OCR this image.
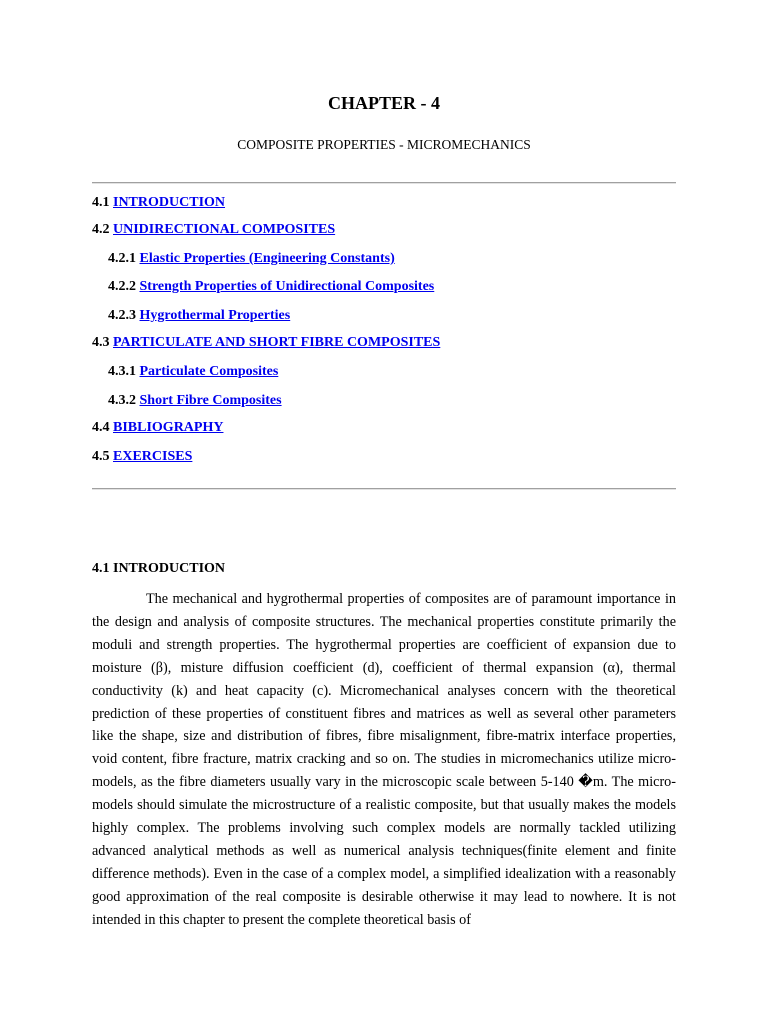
CHAPTER - 4
COMPOSITE PROPERTIES - MICROMECHANICS
4.1 INTRODUCTION
4.2 UNIDIRECTIONAL COMPOSITES
4.2.1 Elastic Properties (Engineering Constants)
4.2.2 Strength Properties of Unidirectional Composites
4.2.3 Hygrothermal Properties
4.3 PARTICULATE AND SHORT FIBRE COMPOSITES
4.3.1 Particulate Composites
4.3.2 Short Fibre Composites
4.4 BIBLIOGRAPHY
4.5 EXERCISES
4.1 INTRODUCTION

The mechanical and hygrothermal properties of composites are of paramount importance in the design and analysis of composite structures. The mechanical properties constitute primarily the moduli and strength properties. The hygrothermal properties are coefficient of expansion due to moisture (β), misture diffusion coefficient (d), coefficient of thermal expansion (α), thermal conductivity (k) and heat capacity (c). Micromechanical analyses concern with the theoretical prediction of these properties of constituent fibres and matrices as well as several other parameters like the shape, size and distribution of fibres, fibre misalignment, fibre-matrix interface properties, void content, fibre fracture, matrix cracking and so on. The studies in micromechanics utilize micro-models, as the fibre diameters usually vary in the microscopic scale between 5-140 �m. The micro-models should simulate the microstructure of a realistic composite, but that usually makes the models highly complex. The problems involving such complex models are normally tackled utilizing advanced analytical methods as well as numerical analysis techniques(finite element and finite difference methods). Even in the case of a complex model, a simplified idealization with a reasonably good approximation of the real composite is desirable otherwise it may lead to nowhere. It is not intended in this chapter to present the complete theoretical basis of
